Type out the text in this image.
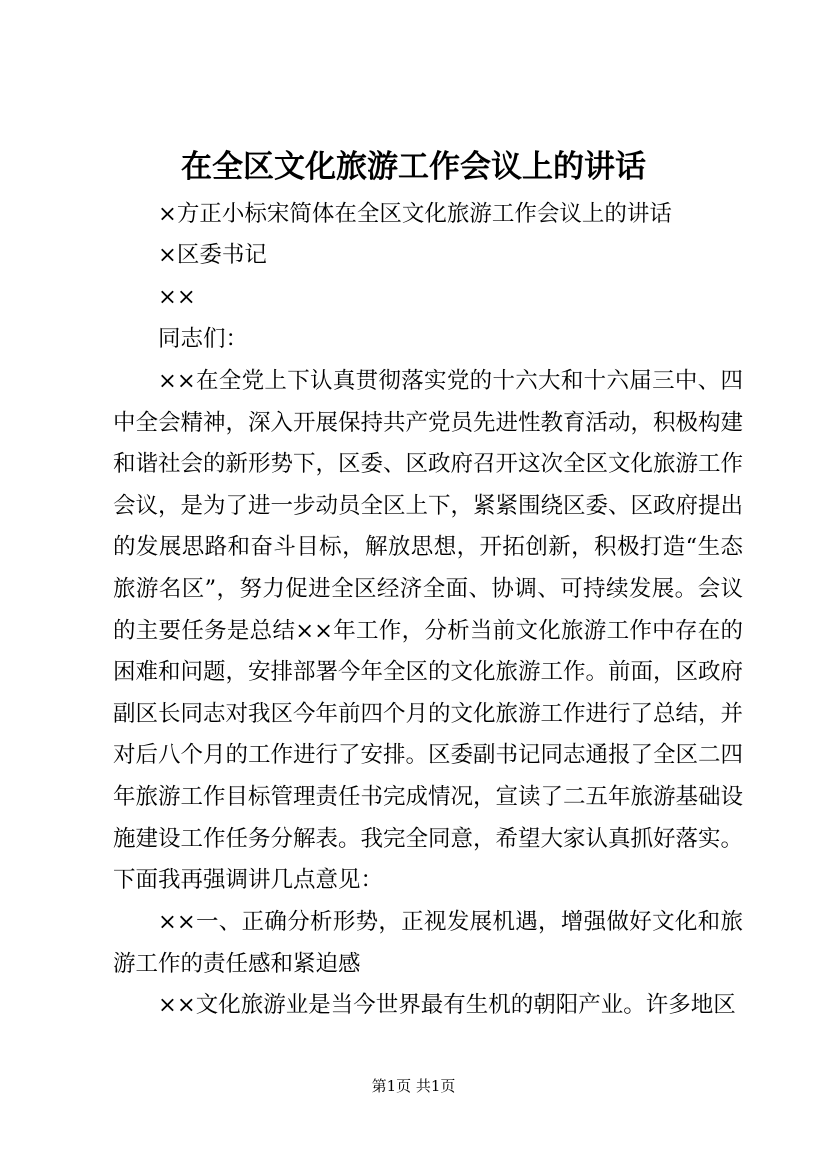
在全区文化旅游工作会议上的讲话
×方正小标宋简体在全区文化旅游工作会议上的讲话
×区委书记
××
同志们：
××在全党上下认真贯彻落实党的十六大和十六届三中、四中全会精神，深入开展保持共产党员先进性教育活动，积极构建和谐社会的新形势下，区委、区政府召开这次全区文化旅游工作会议，是为了进一步动员全区上下，紧紧围绕区委、区政府提出的发展思路和奋斗目标，解放思想，开拓创新，积极打造“生态旅游名区”，努力促进全区经济全面、协调、可持续发展。会议的主要任务是总结××年工作，分析当前文化旅游工作中存在的困难和问题，安排部署今年全区的文化旅游工作。前面，区政府副区长同志对我区今年前四个月的文化旅游工作进行了总结，并对后八个月的工作进行了安排。区委副书记同志通报了全区二四年旅游工作目标管理责任书完成情况，宣读了二五年旅游基础设施建设工作任务分解表。我完全同意，希望大家认真抓好落实。下面我再强调讲几点意见：
××一、正确分析形势，正视发展机遇，增强做好文化和旅游工作的责任感和紧迫感
××文化旅游业是当今世界最有生机的朝阳产业。许多地区
第1页 共1页
